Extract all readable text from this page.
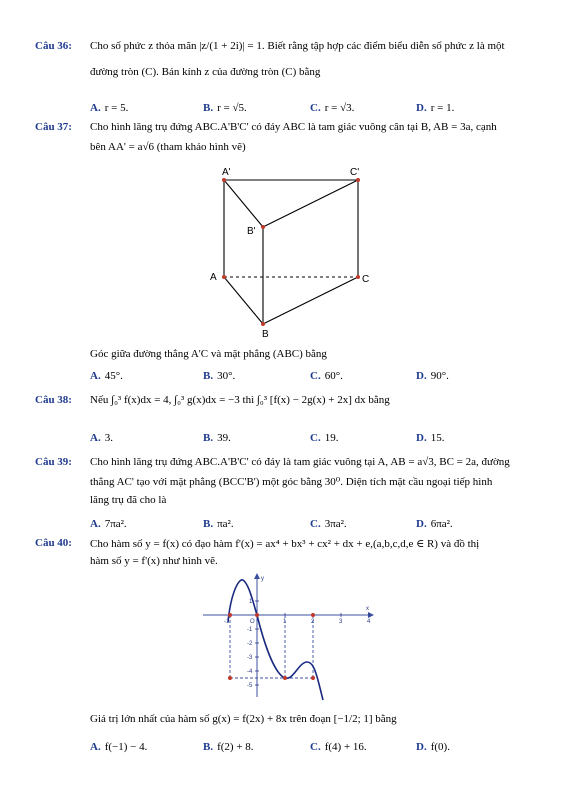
Câu 36: Cho số phức z thỏa mãn |z/(1 + 2i)| = 1. Biết rằng tập hợp các điểm biểu diễn số phức z là một
đường tròn (C). Bán kính z của đường tròn (C) bằng
A. r = 5.	B. r = √5.	C. r = √3.	D. r = 1.
Câu 37: Cho hình lăng trụ đứng ABC.A'B'C' có đáy ABC là tam giác vuông cân tại B, AB = 3a, cạnh
bên AA' = a√6 (tham khảo hình vẽ)
A'	C'
B'
A	C
B
Góc giữa đường thẳng A'C và mặt phẳng (ABC) bằng
A. 45°.	B. 30°.	C. 60°.	D. 90°.
Câu 38: Nếu ∫₀³ f(x)dx = 4, ∫₀³ g(x)dx = −3 thì ∫₀³ [f(x) − 2g(x) + 2x] dx bằng
A. 3.	B. 39.	C. 19.	D. 15.
Câu 39: Cho hình lăng trụ đứng ABC.A'B'C' có đáy là tam giác vuông tại A, AB = a√3, BC = 2a, đường
thẳng AC' tạo với mặt phẳng (BCC'B') một góc bằng 30⁰. Diện tích mặt cầu ngoại tiếp hình
lăng trụ đã cho là
A. 7πa².	B. πa².	C. 3πa².	D. 6πa².
Câu 40: Cho hàm số y = f(x) có đạo hàm f'(x) = ax⁴ + bx³ + cx² + dx + e,(a,b,c,d,e ∈ R) và đồ thị
hàm số y = f'(x) như hình vẽ.
y
x
O
-1	1	2	3	4
1
-1
-2
-3
-4
-5
Giá trị lớn nhất của hàm số g(x) = f(2x) + 8x trên đoạn [−1/2; 1] bằng
A. f(−1) − 4.	B. f(2) + 8.	C. f(4) + 16.	D. f(0).
